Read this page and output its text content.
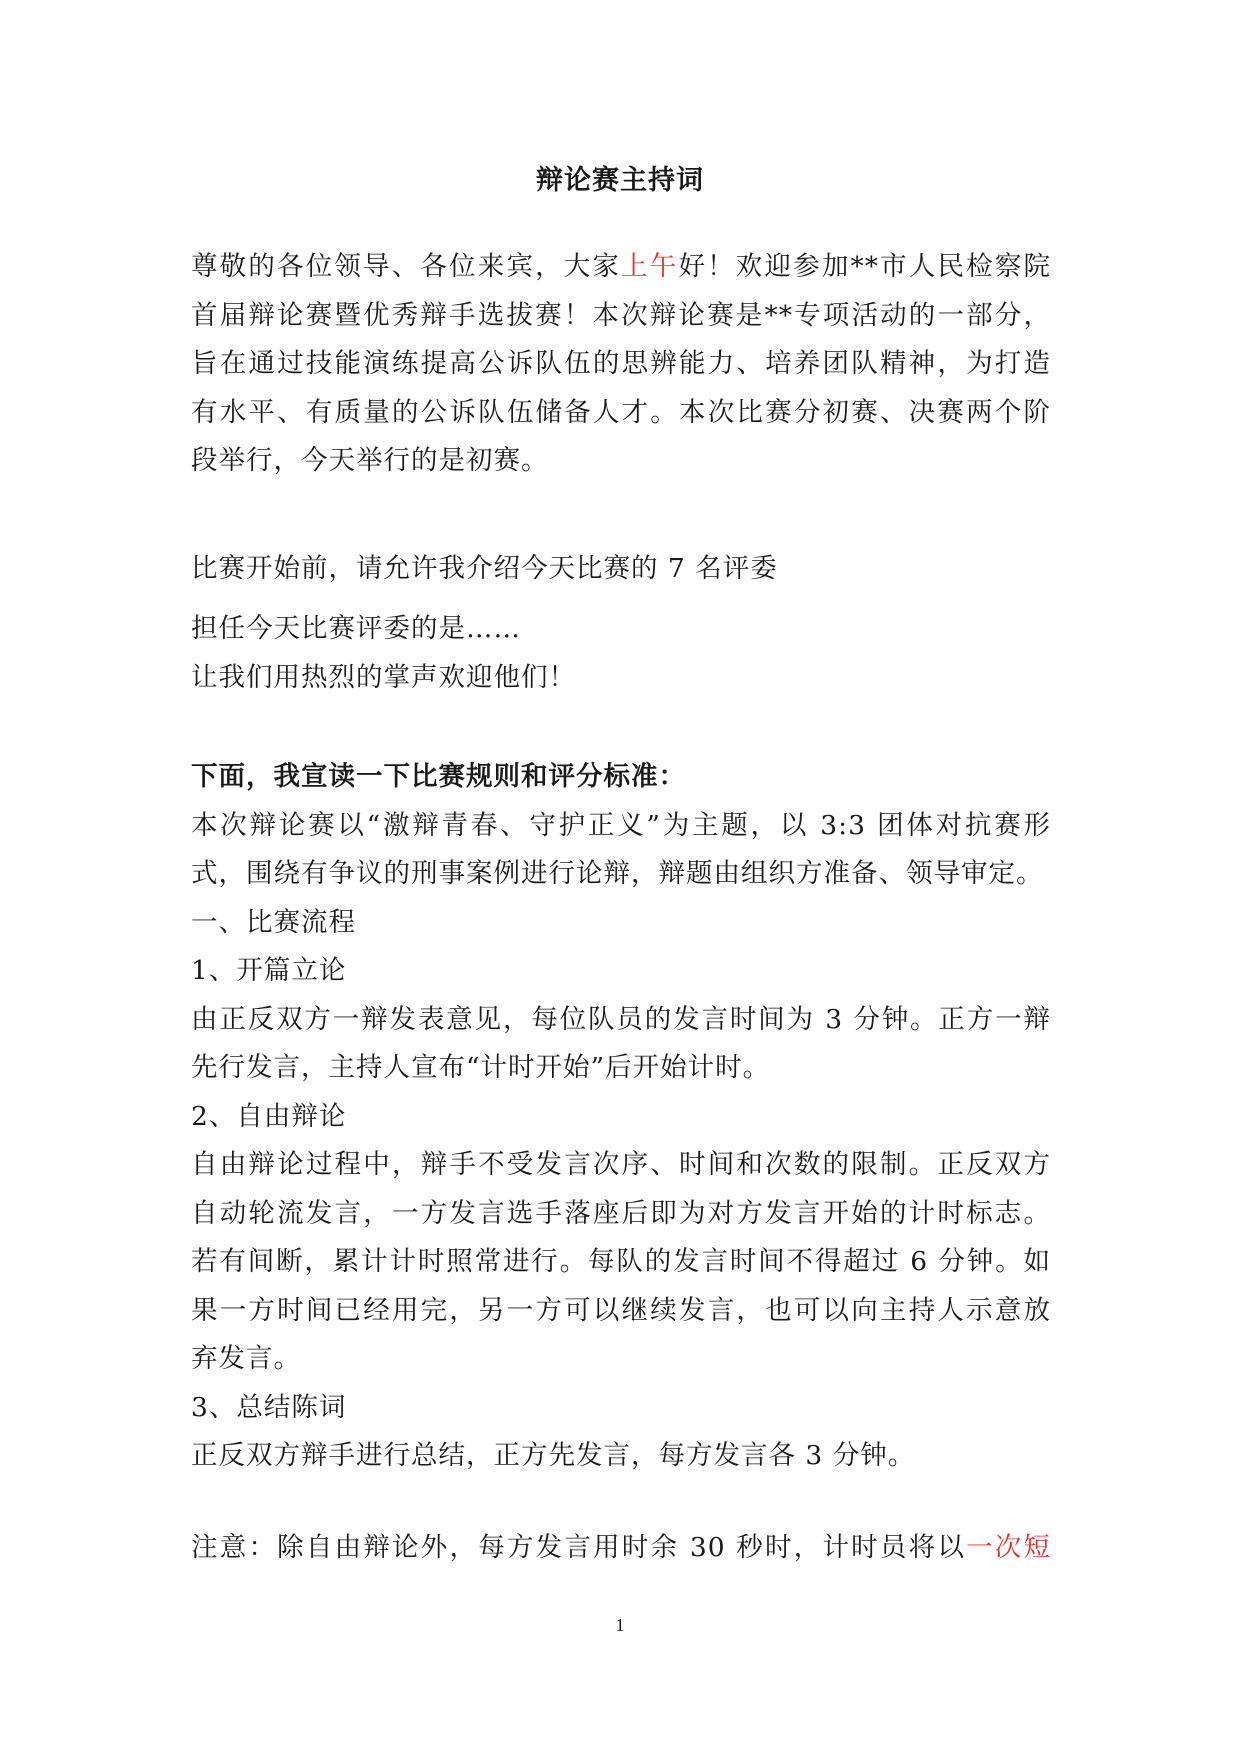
辩论赛主持词
尊敬的各位领导、各位来宾，大家上午好！欢迎参加**市人民检察院
首届辩论赛暨优秀辩手选拔赛！本次辩论赛是**专项活动的一部分，
旨在通过技能演练提高公诉队伍的思辨能力、培养团队精神，为打造
有水平、有质量的公诉队伍储备人才。本次比赛分初赛、决赛两个阶
段举行，今天举行的是初赛。
比赛开始前，请允许我介绍今天比赛的 7 名评委
担任今天比赛评委的是……
让我们用热烈的掌声欢迎他们！
下面，我宣读一下比赛规则和评分标准：
本次辩论赛以“激辩青春、守护正义”为主题，以 3:3 团体对抗赛形
式，围绕有争议的刑事案例进行论辩，辩题由组织方准备、领导审定。
一、比赛流程
1、开篇立论
由正反双方一辩发表意见，每位队员的发言时间为 3 分钟。正方一辩
先行发言，主持人宣布“计时开始”后开始计时。
2、自由辩论
自由辩论过程中，辩手不受发言次序、时间和次数的限制。正反双方
自动轮流发言，一方发言选手落座后即为对方发言开始的计时标志。
若有间断，累计计时照常进行。每队的发言时间不得超过 6 分钟。如
果一方时间已经用完，另一方可以继续发言，也可以向主持人示意放
弃发言。
3、总结陈词
正反双方辩手进行总结，正方先发言，每方发言各 3 分钟。
注意：除自由辩论外，每方发言用时余 30 秒时，计时员将以一次短
1
